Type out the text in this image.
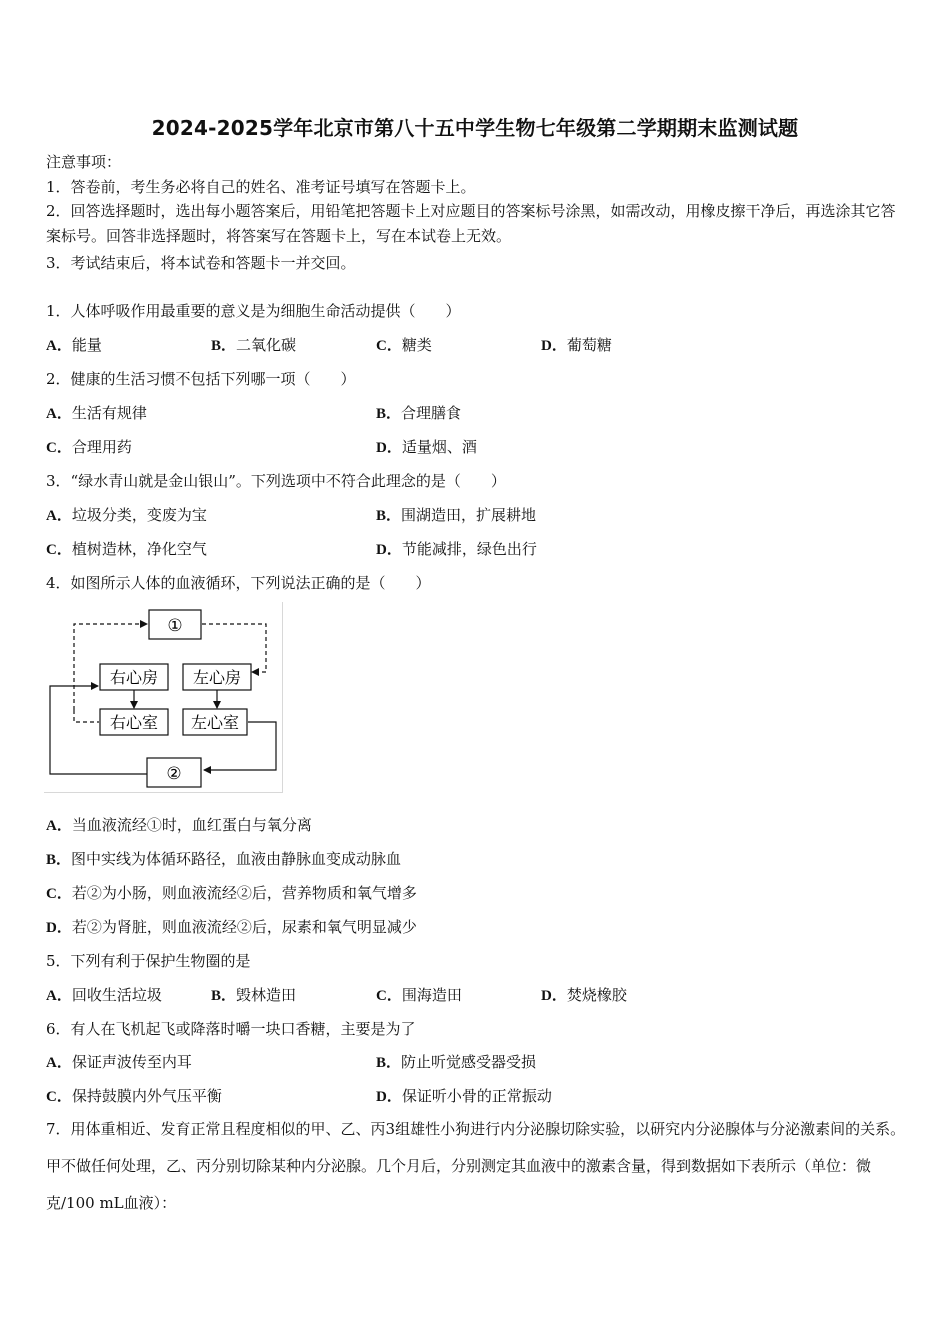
2024-2025学年北京市第八十五中学生物七年级第二学期期末监测试题
注意事项：
1．答卷前，考生务必将自己的姓名、准考证号填写在答题卡上。
2．回答选择题时，选出每小题答案后，用铅笔把答题卡上对应题目的答案标号涂黑，如需改动，用橡皮擦干净后，再选涂其它答案标号。回答非选择题时，将答案写在答题卡上，写在本试卷上无效。
3．考试结束后，将本试卷和答题卡一并交回。
1．人体呼吸作用最重要的意义是为细胞生命活动提供（　　）
A．能量	B．二氧化碳	C．糖类	D．葡萄糖
2．健康的生活习惯不包括下列哪一项（　　）
A．生活有规律	B．合理膳食
C．合理用药	D．适量烟、酒
3．“绿水青山就是金山银山”。下列选项中不符合此理念的是（　　）
A．垃圾分类，变废为宝	B．围湖造田，扩展耕地
C．植树造林，净化空气	D．节能减排，绿色出行
4．如图所示人体的血液循环，下列说法正确的是（　　）
①
右心房 左心房
右心室 左心室
②
A．当血液流经①时，血红蛋白与氧分离
B．图中实线为体循环路径，血液由静脉血变成动脉血
C．若②为小肠，则血液流经②后，营养物质和氧气增多
D．若②为肾脏，则血液流经②后，尿素和氧气明显减少
5．下列有利于保护生物圈的是
A．回收生活垃圾	B．毁林造田	C．围海造田	D．焚烧橡胶
6．有人在飞机起飞或降落时嚼一块口香糖，主要是为了
A．保证声波传至内耳	B．防止听觉感受器受损
C．保持鼓膜内外气压平衡	D．保证听小骨的正常振动
7．用体重相近、发育正常且程度相似的甲、乙、丙3组雄性小狗进行内分泌腺切除实验，以研究内分泌腺体与分泌激素间的关系。甲不做任何处理，乙、丙分别切除某种内分泌腺。几个月后，分别测定其血液中的激素含量，得到数据如下表所示（单位：微克/100 mL血液）：
